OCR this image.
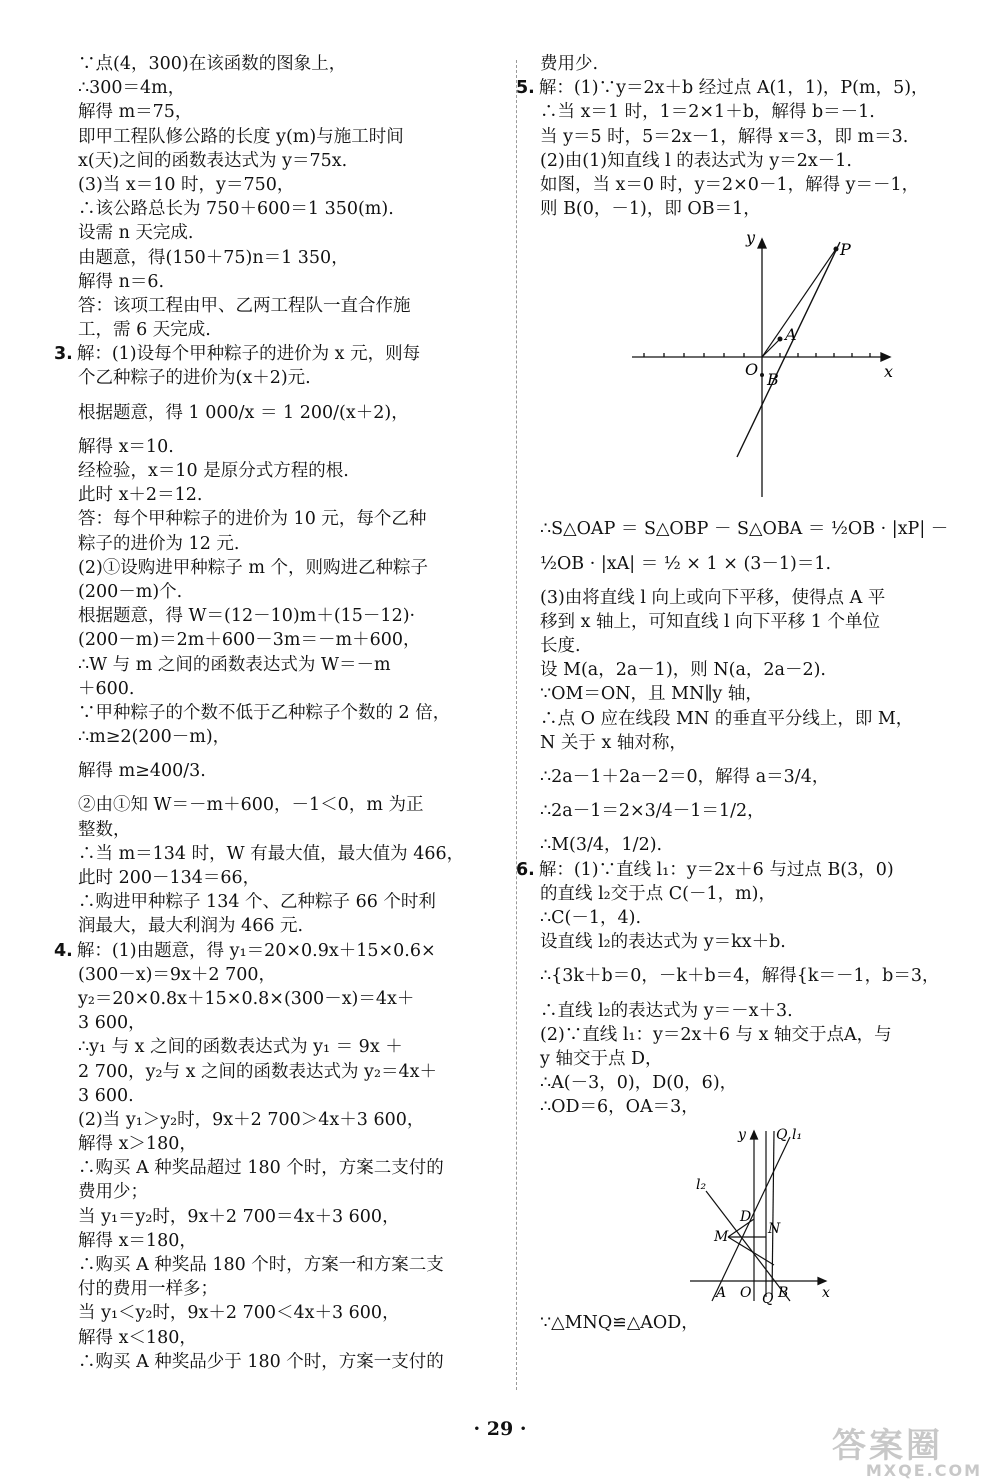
∵点(4，300)在该函数的图象上，
∴300＝4m，
解得 m＝75，
即甲工程队修公路的长度 y(m)与施工时间
x(天)之间的函数表达式为 y＝75x.
(3)当 x＝10 时，y＝750，
∴该公路总长为 750＋600＝1 350(m).
设需 n 天完成.
由题意，得(150＋75)n＝1 350，
解得 n＝6.
答：该项工程由甲、乙两工程队一直合作施
工，需 6 天完成.
3. 解：(1)设每个甲种粽子的进价为 x 元，则每
个乙种粽子的进价为(x＋2)元.
根据题意，得 1 000/x ＝ 1 200/(x＋2)，
解得 x＝10.
经检验，x＝10 是原分式方程的根.
此时 x＋2＝12.
答：每个甲种粽子的进价为 10 元，每个乙种
粽子的进价为 12 元.
(2)①设购进甲种粽子 m 个，则购进乙种粽子
(200－m)个.
根据题意，得 W＝(12－10)m＋(15－12)·
(200－m)＝2m＋600－3m＝－m＋600，
∴W 与 m 之间的函数表达式为 W＝－m
＋600.
∵甲种粽子的个数不低于乙种粽子个数的 2 倍，
∴m≥2(200－m)，
解得 m≥400/3.
②由①知 W＝－m＋600，－1＜0，m 为正
整数，
∴当 m＝134 时，W 有最大值，最大值为 466，
此时 200－134＝66，
∴购进甲种粽子 134 个、乙种粽子 66 个时利
润最大，最大利润为 466 元.
4. 解：(1)由题意，得 y₁＝20×0.9x＋15×0.6×
(300－x)＝9x＋2 700，
y₂＝20×0.8x＋15×0.8×(300－x)＝4x＋
3 600，
∴y₁ 与 x 之间的函数表达式为 y₁ ＝ 9x ＋
2 700，y₂与 x 之间的函数表达式为 y₂＝4x＋
3 600.
(2)当 y₁＞y₂时，9x＋2 700＞4x＋3 600，
解得 x＞180，
∴购买 A 种奖品超过 180 个时，方案二支付的
费用少；
当 y₁＝y₂时，9x＋2 700＝4x＋3 600，
解得 x＝180，
∴购买 A 种奖品 180 个时，方案一和方案二支
付的费用一样多；
当 y₁＜y₂时，9x＋2 700＜4x＋3 600，
解得 x＜180，
∴购买 A 种奖品少于 180 个时，方案一支付的
费用少.
5. 解：(1)∵y＝2x＋b 经过点 A(1，1)，P(m，5)，
∴当 x＝1 时，1＝2×1＋b，解得 b＝－1.
当 y＝5 时，5＝2x－1，解得 x＝3，即 m＝3.
(2)由(1)知直线 l 的表达式为 y＝2x－1.
如图，当 x＝0 时，y＝2×0－1，解得 y＝－1，
则 B(0，－1)，即 OB＝1，
y
x
O
A
B
P
∴S△OAP ＝ S△OBP － S△OBA ＝ ½OB · |xP| －
½OB · |xA| ＝ ½ × 1 × (3－1)＝1.
(3)由将直线 l 向上或向下平移，使得点 A 平
移到 x 轴上，可知直线 l 向下平移 1 个单位
长度.
设 M(a，2a－1)，则 N(a，2a－2).
∵OM＝ON，且 MN∥y 轴，
∴点 O 应在线段 MN 的垂直平分线上，即 M，
N 关于 x 轴对称，
∴2a－1＋2a－2＝0，解得 a＝3/4，
∴2a－1＝2×3/4－1＝1/2，
∴M(3/4，1/2).
6. 解：(1)∵直线 l₁：y＝2x＋6 与过点 B(3，0)
的直线 l₂交于点 C(－1，m)，
∴C(－1，4).
设直线 l₂的表达式为 y＝kx＋b.
∴{3k＋b＝0，－k＋b＝4，解得{k＝－1，b＝3，
∴直线 l₂的表达式为 y＝－x＋3.
(2)∵直线 l₁：y＝2x＋6 与 x 轴交于点A，与
y 轴交于点 D，
∴A(－3，0)，D(0，6)，
∴OD＝6，OA＝3，
y Q l₁
l₂
D
N
M
A O B
Q	x
∵△MNQ≌△AOD，
· 29 ·	答案圈
MXQE.COM
